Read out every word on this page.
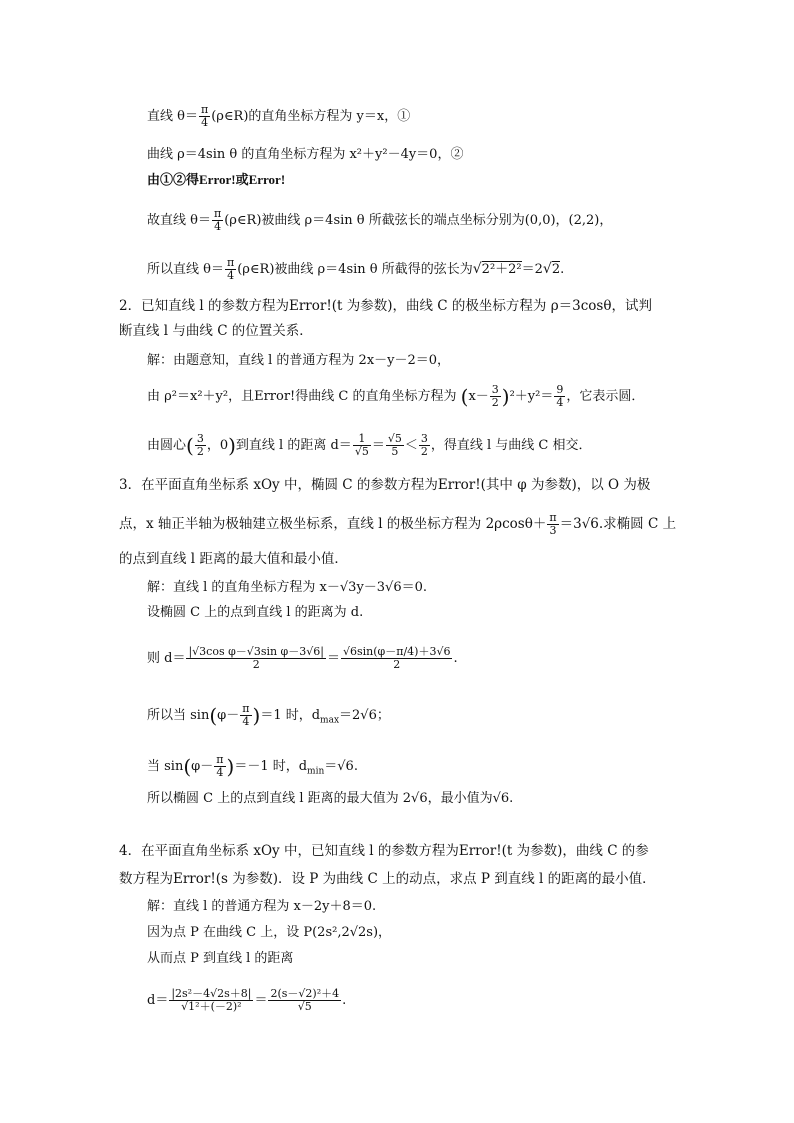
直线 $\theta= \frac{\pi}{4}$ (ρ∈R)的直角坐标方程为 y＝x，①
曲线 ρ＝4sin θ 的直角坐标方程为 x²＋y²－4y＝0，②
由①②得Error!或Error!
故直线 $\theta= \frac{\pi}{4}$ (ρ∈R)被曲线 ρ＝4sin θ 所截弦长的端点坐标分别为(0,0)，(2,2)，
所以直线 $\theta= \frac{\pi}{4}$ (ρ∈R)被曲线 ρ＝4sin θ 所截得的弦长为√2²＋2²＝2√2.
2．已知直线 l 的参数方程为Error!(t 为参数)，曲线 C 的极坐标方程为 ρ＝3cosθ，试判
断直线 l 与曲线 C 的位置关系．
解：由题意知，直线 l 的普通方程为 2x－y－2＝0，
由 ρ²＝x²＋y²，且Error!得曲线 C 的直角坐标方程为 $(x- \frac{3}{2} )^2+y^2= \frac{9}{4}$ ，它表示圆．
由圆心( $\frac{3}{2}$ ，0)到直线 l 的距离 $d= \frac{1}{√5} = \frac{√5}{5} < \frac{3}{2}$ ，得直线 l 与曲线 C 相交．
3．在平面直角坐标系 xOy 中，椭圆 C 的参数方程为Error!(其中 φ 为参数)，以 O 为极
点，x 轴正半轴为极轴建立极坐标系，直线 l 的极坐标方程为 $2\rho\cos\theta+ \frac{\pi}{3} =3√6$.求椭圆 C 上
的点到直线 l 距离的最大值和最小值．
解：直线 l 的直角坐标方程为 x－√3y－3√6＝0.
设椭圆 C 上的点到直线 l 的距离为 d.
则 $d= \frac{\text{|√3cos φ－√3sin φ－3√6|}}{2} = \frac{√6\sin(\varphi-\pi/4)+3√6}{2}$ .
所以当 $\sin(\varphi- \frac{\pi}{4} )=1$ 时，$d_{max}=2√6$；
当 $\sin(\varphi- \frac{\pi}{4} )=-1$ 时，$d_{min}=√6$.
所以椭圆 C 上的点到直线 l 距离的最大值为 2√6，最小值为√6.
4．在平面直角坐标系 xOy 中，已知直线 l 的参数方程为Error!(t 为参数)，曲线 C 的参
数方程为Error!(s 为参数)．设 P 为曲线 C 上的动点，求点 P 到直线 l 的距离的最小值．
解：直线 l 的普通方程为 x－2y＋8＝0.
因为点 P 在曲线 C 上，设 P(2s²,2√2s)，
从而点 P 到直线 l 的距离
$d= \frac{\text{|2s²－4√2s＋8|}}{\text{√1²＋(－2)²}} = \frac{\text{2(s－√2)²＋4}}{√5}$ .
